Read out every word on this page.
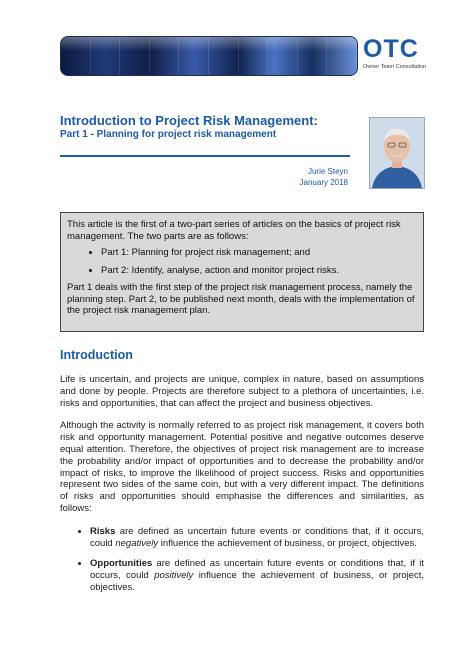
OTC
Owner Team Consultation
Introduction to Project Risk Management:
Part 1 - Planning for project risk management
Jurie Steyn
January 2018

This article is the first of a two-part series of articles on the basics of project risk management. The two parts are as follows:

• Part 1: Planning for project risk management; and
• Part 2: Identify, analyse, action and monitor project risks.

Part 1 deals with the first step of the project risk management process, namely the planning step. Part 2, to be published next month, deals with the implementation of the project risk management plan.

Introduction

Life is uncertain, and projects are unique, complex in nature, based on assumptions and done by people. Projects are therefore subject to a plethora of uncertainties, i.e. risks and opportunities, that can affect the project and business objectives.

Although the activity is normally referred to as project risk management, it covers both risk and opportunity management. Potential positive and negative outcomes deserve equal attention. Therefore, the objectives of project risk management are to increase the probability and/or impact of opportunities and to decrease the probability and/or impact of risks, to improve the likelihood of project success. Risks and opportunities represent two sides of the same coin, but with a very different impact. The definitions of risks and opportunities should emphasise the differences and similarities, as follows:

• Risks are defined as uncertain future events or conditions that, if it occurs, could negatively influence the achievement of business, or project, objectives.
• Opportunities are defined as uncertain future events or conditions that, if it occurs, could positively influence the achievement of business, or project, objectives.
